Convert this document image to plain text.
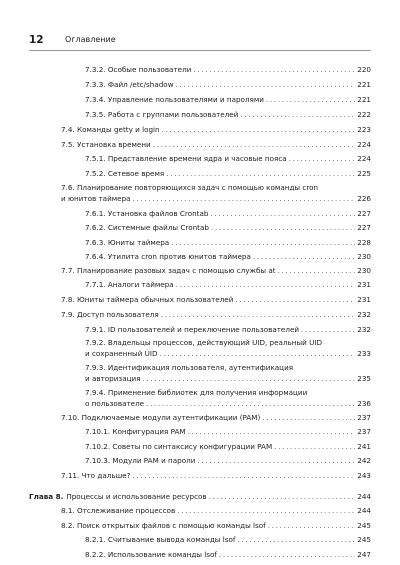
12	Оглавление
7.3.2. Особые пользователи . . .	220
7.3.3. Файл /etc/shadow . . .	221
7.3.4. Управление пользователями и паролями . . .	221
7.3.5. Работа с группами пользователей . . .	222
7.4. Команды getty и login . . .	223
7.5. Установка времени . . .	224
7.5.1. Представление времени ядра и часовые пояса . . .	224
7.5.2. Сетевое время . . .	225
7.6. Планирование повторяющихся задач с помощью команды cron
и юнитов таймера . . .	226
7.6.1. Установка файлов Crontab . . .	227
7.6.2. Системные файлы Crontab . . .	227
7.6.3. Юниты таймера . . .	228
7.6.4. Утилита cron против юнитов таймера . . .	230
7.7. Планирование разовых задач с помощью службы at . . .	230
7.7.1. Аналоги таймера . . .	231
7.8. Юниты таймера обычных пользователей . . .	231
7.9. Доступ пользователя . . .	232
7.9.1. ID пользователей и переключение пользователей . . .	232
7.9.2. Владельцы процессов, действующий UID, реальный UID
и сохраненный UID . . .	233
7.9.3. Идентификация пользователя, аутентификация
и авторизация . . .	235
7.9.4. Применение библиотек для получения информации
о пользователе . . .	236
7.10. Подключаемые модули аутентификации (PAM) . . .	237
7.10.1. Конфигурация PAM . . .	237
7.10.2. Советы по синтаксису конфигурации PAM . . .	241
7.10.3. Модули PAM и пароли . . .	242
7.11. Что дальше? . . .	243
Глава 8. Процессы и использование ресурсов . . .	244
8.1. Отслеживание процессов . . .	244
8.2. Поиск открытых файлов с помощью команды lsof . . .	245
8.2.1. Считывание вывода команды lsof . . .	245
8.2.2. Использование команды lsof . . .	247
